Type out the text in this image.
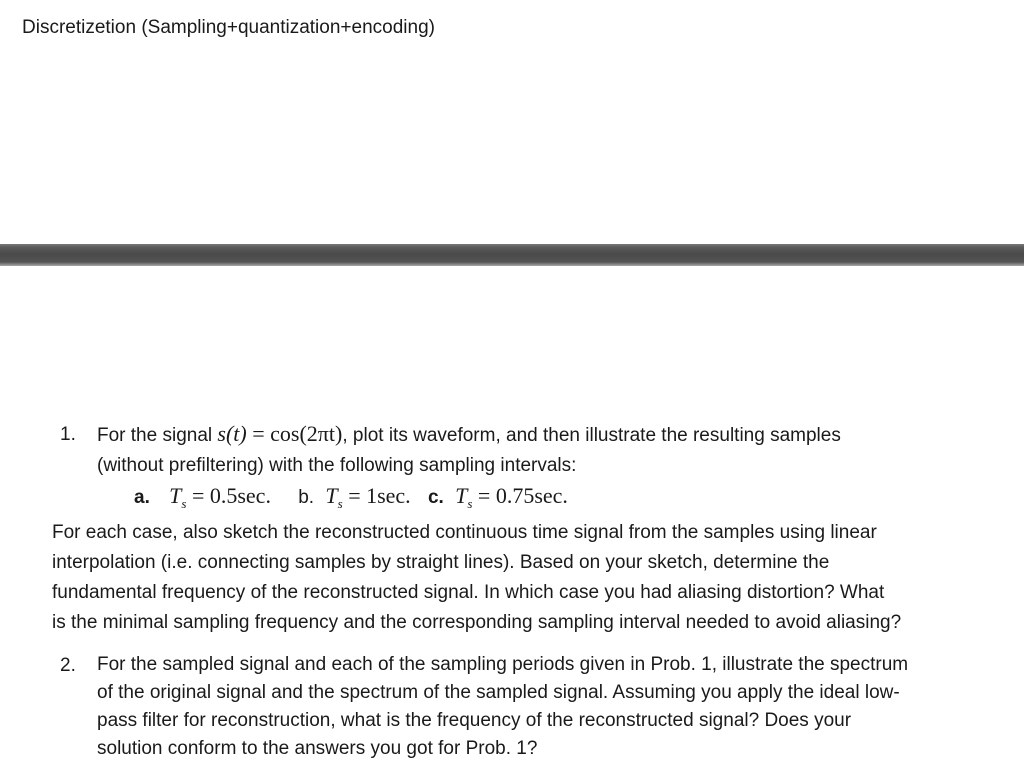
Discretizetion (Sampling+quantization+encoding)
1. For the signal s(t) = cos(2πt), plot its waveform, and then illustrate the resulting samples
(without prefiltering) with the following sampling intervals:
a. $T_s = 0.5\sec$. b. $T_s = 1\sec$. c. $T_s = 0.75\sec$.
For each case, also sketch the reconstructed continuous time signal from the samples using linear
interpolation (i.e. connecting samples by straight lines). Based on your sketch, determine the
fundamental frequency of the reconstructed signal. In which case you had aliasing distortion? What
is the minimal sampling frequency and the corresponding sampling interval needed to avoid aliasing?
2. For the sampled signal and each of the sampling periods given in Prob. 1, illustrate the spectrum
of the original signal and the spectrum of the sampled signal. Assuming you apply the ideal low-
pass filter for reconstruction, what is the frequency of the reconstructed signal? Does your
solution conform to the answers you got for Prob. 1?
